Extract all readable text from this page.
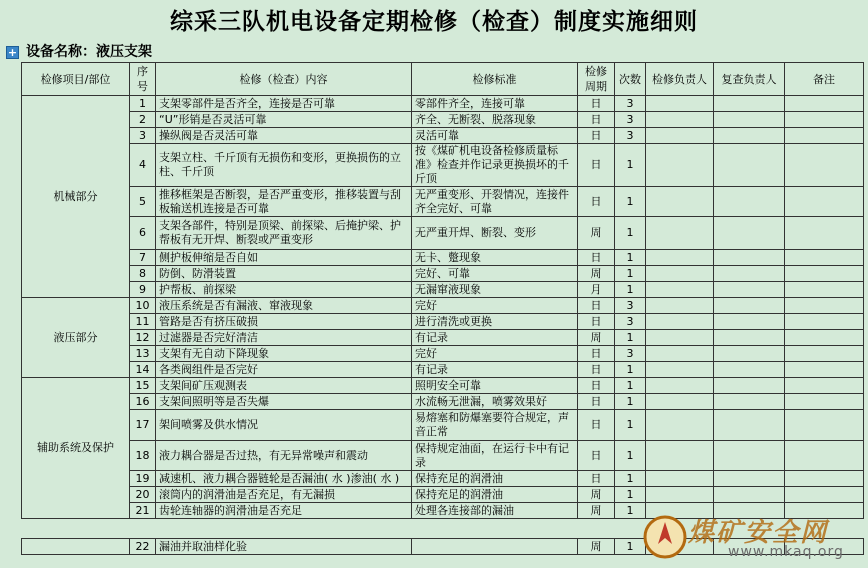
综采三队机电设备定期检修（检查）制度实施细则
+ 设备名称：液压支架
检修项目/部位	序号	检修（检查）内容	检修标准	检修周期	次数	检修负责人	复查负责人	备注
机械部分	1	支架零部件是否齐全，连接是否可靠	零部件齐全，连接可靠	日	3			
	2	“U”形销是否灵活可靠	齐全、无断裂、脱落现象	日	3			
	3	操纵阀是否灵活可靠	灵活可靠	日	3			
	4	支架立柱、千斤顶有无损伤和变形，更换损伤的立柱、千斤顶	按《煤矿机电设备检修质量标准》检查并作记录更换损坏的千斤顶	日	1			
	5	推移框架是否断裂，是否严重变形，推移装置与刮板输送机连接是否可靠	无严重变形、开裂情况，连接件齐全完好、可靠	日	1			
	6	支架各部件，特别是顶梁、前探梁、后掩护梁、护帮板有无开焊、断裂或严重变形	无严重开焊、断裂、变形	周	1			
	7	侧护板伸缩是否自如	无卡、蹩现象	日	1			
	8	防倒、防滑装置	完好、可靠	周	1			
	9	护帮板、前探梁	无漏窜液现象	月	1			
液压部分	10	液压系统是否有漏液、窜液现象	完好	日	3			
	11	管路是否有挤压破损	进行清洗或更换	日	3			
	12	过滤器是否完好清洁	有记录	周	1			
	13	支架有无自动下降现象	完好	日	3			
	14	各类阀组件是否完好	有记录	日	1			
辅助系统及保护	15	支架间矿压观测表	照明安全可靠	日	1			
	16	支架间照明等是否失爆	水流畅无泄漏，喷雾效果好	日	1			
	17	架间喷雾及供水情况	易熔塞和防爆塞要符合规定，声音正常	日	1			
	18	液力耦合器是否过热，有无异常噪声和震动	保持规定油面，在运行卡中有记录	日	1			
	19	减速机、液力耦合器链轮是否漏油( 水 )渗油( 水 )	保持充足的润滑油	日	1			
	20	滚筒内的润滑油是否充足，有无漏损	保持充足的润滑油	周	1			
	21	齿轮连轴器的润滑油是否充足	处理各连接部的漏油	周	1			
	22	漏油并取油样化验		周	1			煤矿安全网
www.mkaq.org
